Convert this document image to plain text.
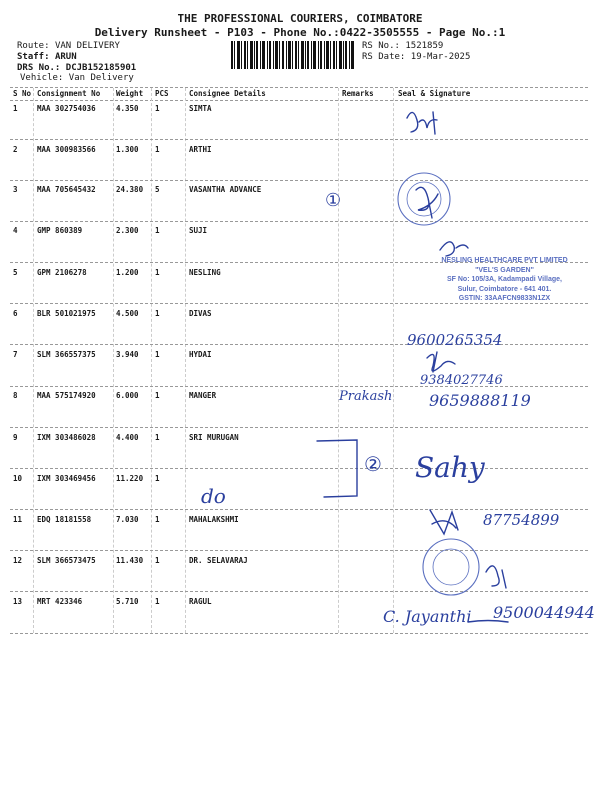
THE PROFESSIONAL COURIERS, COIMBATORE
Delivery Runsheet - P103 - Phone No.:0422-3505555 - Page No.:1
Route: VAN DELIVERY
Staff: ARUN
DRS No.: DCJB152185901
Vehicle: Van Delivery
RS No.: 1521859
RS Date: 19-Mar-2025
S No Consignment No Weight PCS	Consignee Details	Remarks	Seal & Signature
1	MAA 302754036	4.350 1	SIMTA
2	MAA 300983566	1.300 1	ARTHI
3	MAA 705645432	24.380 5	VASANTHA ADVANCE
4	GMP 860389	2.300 1	SUJI
5	GPM 2106278	1.200 1	NESLING
6	BLR 501021975	4.500 1	DIVAS
7	SLM 366557375	3.940 1	HYDAI
8	MAA 575174920	6.000 1	MANGER
9	IXM 303486028	4.400 1	SRI MURUGAN
10 IXM 303469456	11.220 1
11 EDQ 18181558	7.030 1	MAHALAKSHMI
12 SLM 366573475	11.430 1	DR. SELAVARAJ
13 MRT 423346	5.710 1	RAGUL
①
9600265354
9384027746
Prakash 9659888119
②
do
Sahy
87754899
C. Jayanthi 9500044944
NESLING HEALTHCARE PVT LIMITED
"VEL'S GARDEN"
SF No: 105/3A, Kadampadi Village,
Sulur, Coimbatore - 641 401.
GSTIN: 33AAFCN9833N1ZX
